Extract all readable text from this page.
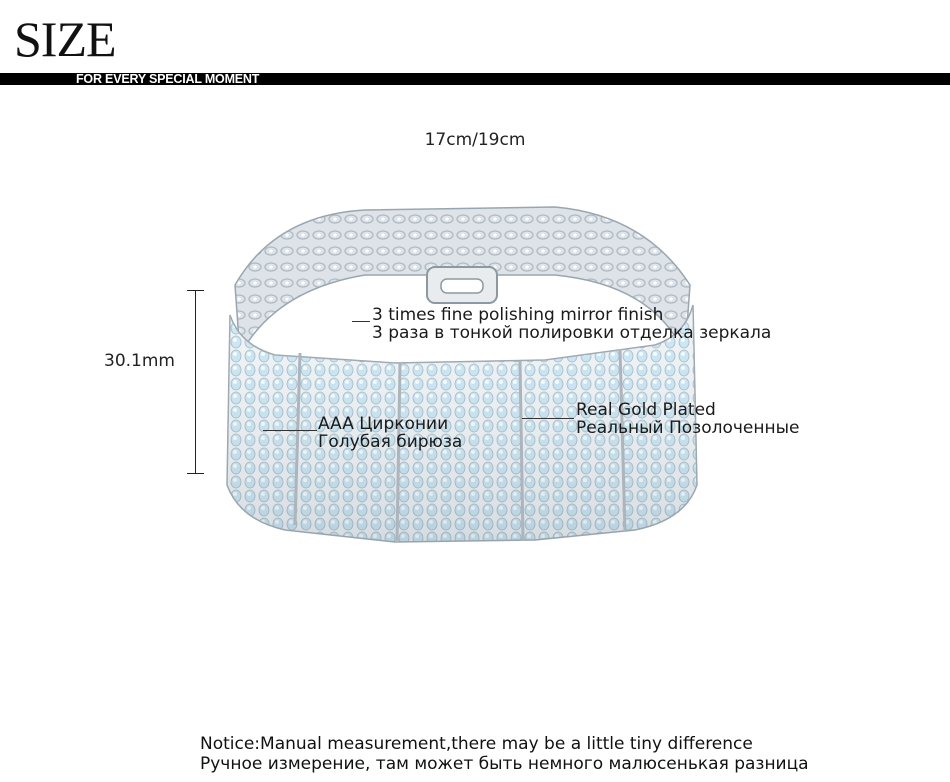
SIZE
FOR EVERY SPECIAL MOMENT
17cm/19cm
30.1mm
3 times fine polishing mirror finish
3 раза в тонкой полировки отделка зеркала
AAA Цирконии
Голубая бирюза
Real Gold Plated
Реальный Позолоченные
Notice:Manual measurement,there may be a little tiny difference
Ручное измерение, там может быть немного малюсенькая разница
